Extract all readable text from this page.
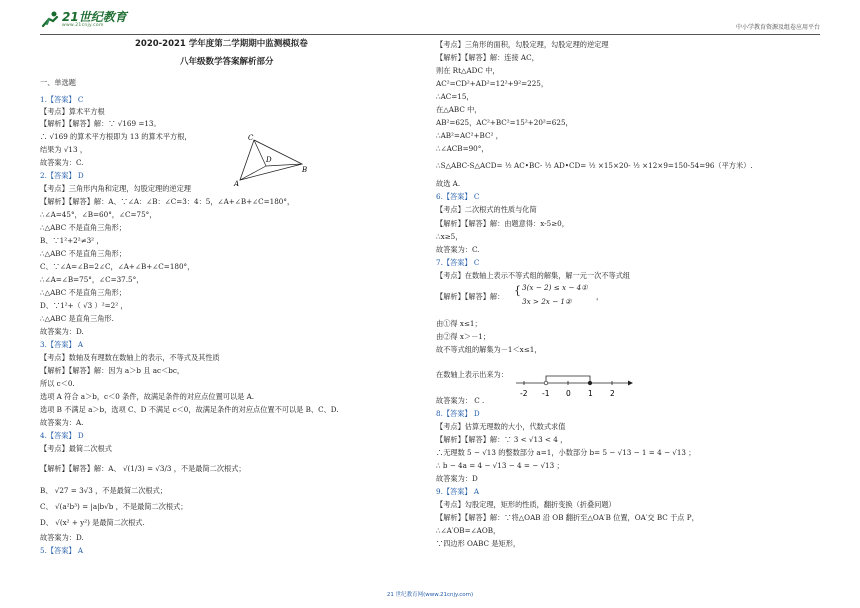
21世纪教育
www.21cnjy.com	中小学教育资源及组卷应用平台
2020-2021 学年度第二学期期中监测模拟卷
八年级数学答案解析部分
一、单选题
1.【答案】 C
【考点】算术平方根
【解析】【解答】解：∵ √169 =13。
∴ √169 的算术平方根即为 13 的算术平方根，
结果为 √13 ，
故答案为：C.
2.【答案】 D
【考点】三角形内角和定理，勾股定理的逆定理
【解析】【解答】解：A、∵∠A：∠B：∠C=3：4：5，∠A+∠B+∠C=180°，
∴∠A=45°，∠B=60°，∠C=75°，
∴△ABC 不是直角三角形；
B、∵1²+2²≠3² ，
∴△ABC 不是直角三角形；
C、∵∠A=∠B=2∠C，∠A+∠B+∠C=180°，
∴∠A=∠B=75°，∠C=37.5°，
∴△ABC 不是直角三角形；
D、∵1²+（ √3 ）²=2² ，
∴△ABC 是直角三角形.
故答案为：D.
3.【答案】 A
【考点】数轴及有理数在数轴上的表示，不等式及其性质
【解析】【解答】解：因为 a＞b 且 ac＜bc，
所以 c＜0.
选项 A 符合 a＞b，c＜0 条件，故满足条件的对应点位置可以是 A.
选项 B 不满足 a＞b，选项 C、D 不满足 c＜0，故满足条件的对应点位置不可以是 B、C、D.
故答案为：A.
4.【答案】 D
【考点】最简二次根式
【解析】【解答】解：A、 √(1/3) = √3/3 ，不是最简二次根式；
B、 √27 = 3√3 ，不是最简二次根式；
C、 √(a²b³) = |a|b√b ，不是最简二次根式；
D、 √(x² + y²) 是最简二次根式.
故答案为：D.
5.【答案】 A
【解析】【解答】解： { 3(x − 2) ≤ x − 4①
3x > 2x − 1②
，
-2 -1 0 1 2
【考点】三角形的面积，勾股定理，勾股定理的逆定理
【解析】【解答】解：连接 AC，
则在 Rt△ADC 中，
AC²=CD²+AD²=12²+9²=225，
∴AC=15，
在△ABC 中，
AB²=625，AC²+BC²=15²+20²=625，
∴AB²=AC²+BC² ，
∴∠ACB=90°，
∴S△ABC-S△ACD= ½ AC•BC- ½ AD•CD= ½ ×15×20- ½ ×12×9=150-54=96（平方米）.
故选 A.
6.【答案】 C
【考点】二次根式的性质与化简
【解析】【解答】解：由题意得：x-5≥0，
∴x≥5，
故答案为：C.
7.【答案】 C
【考点】在数轴上表示不等式组的解集，解一元一次不等式组
由①得 x≤1；
由②得 x＞－1；
故不等式组的解集为－1＜x≤1，
在数轴上表示出来为：
故答案为： C .
8.【答案】 D
【考点】估算无理数的大小，代数式求值
【解析】【解答】解：∵ 3 < √13 < 4 ，
∴无理数 5 − √13 的整数部分 a=1，小数部分 b= 5 − √13 − 1 = 4 − √13 ；
∴ b − 4a = 4 − √13 − 4 = − √13 ；
故答案为：D
9.【答案】 A
【考点】勾股定理，矩形的性质，翻折变换（折叠问题）
【解析】【解答】解：∵将△OAB 沿 OB 翻折至△OA′B 位置，OA′交 BC 于点 P，
∴∠A′OB=∠AOB，
∵四边形 OABC 是矩形，
C
D
A
B
21 世纪教育网(www.21cnjy.com)
